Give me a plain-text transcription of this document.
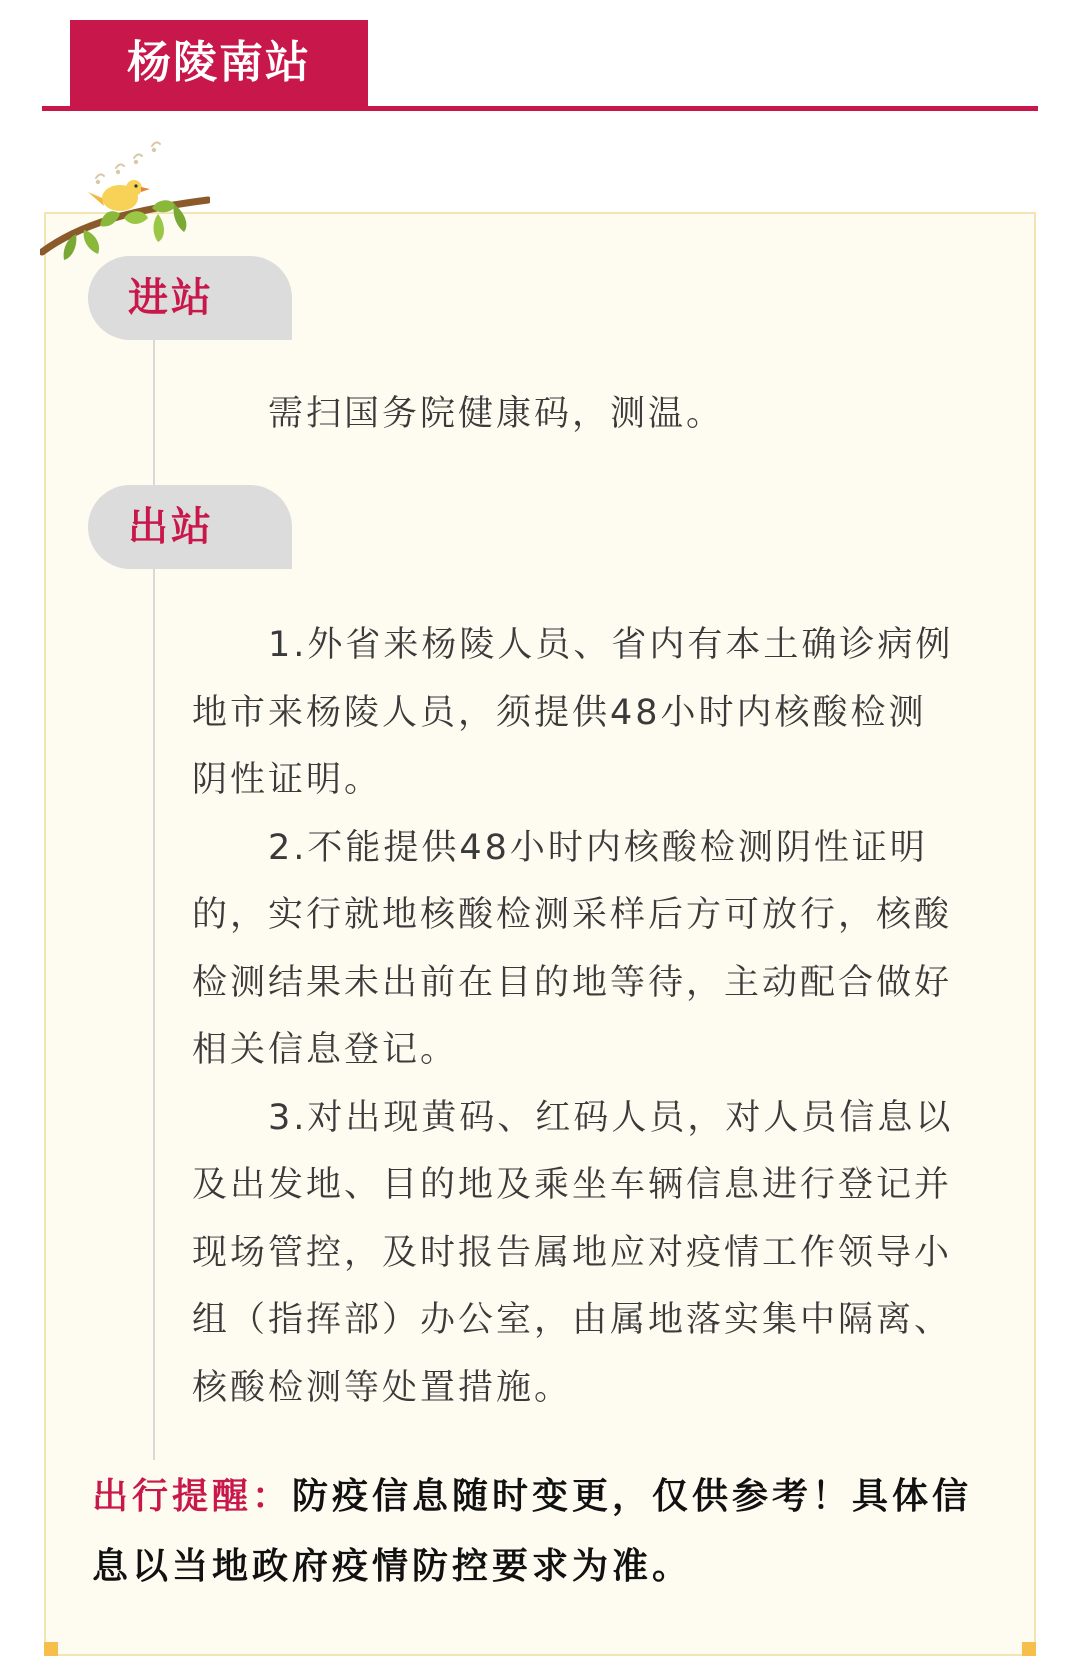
杨陵南站
进站
需扫国务院健康码，测温。
出站

1.外省来杨陵人员、省内有本土确诊病例地市来杨陵人员，须提供48小时内核酸检测阴性证明。

2.不能提供48小时内核酸检测阴性证明的，实行就地核酸检测采样后方可放行，核酸检测结果未出前在目的地等待，主动配合做好相关信息登记。

3.对出现黄码、红码人员，对人员信息以及出发地、目的地及乘坐车辆信息进行登记并现场管控，及时报告属地应对疫情工作领导小组（指挥部）办公室，由属地落实集中隔离、核酸检测等处置措施。

出行提醒：防疫信息随时变更，仅供参考！具体信息以当地政府疫情防控要求为准。
